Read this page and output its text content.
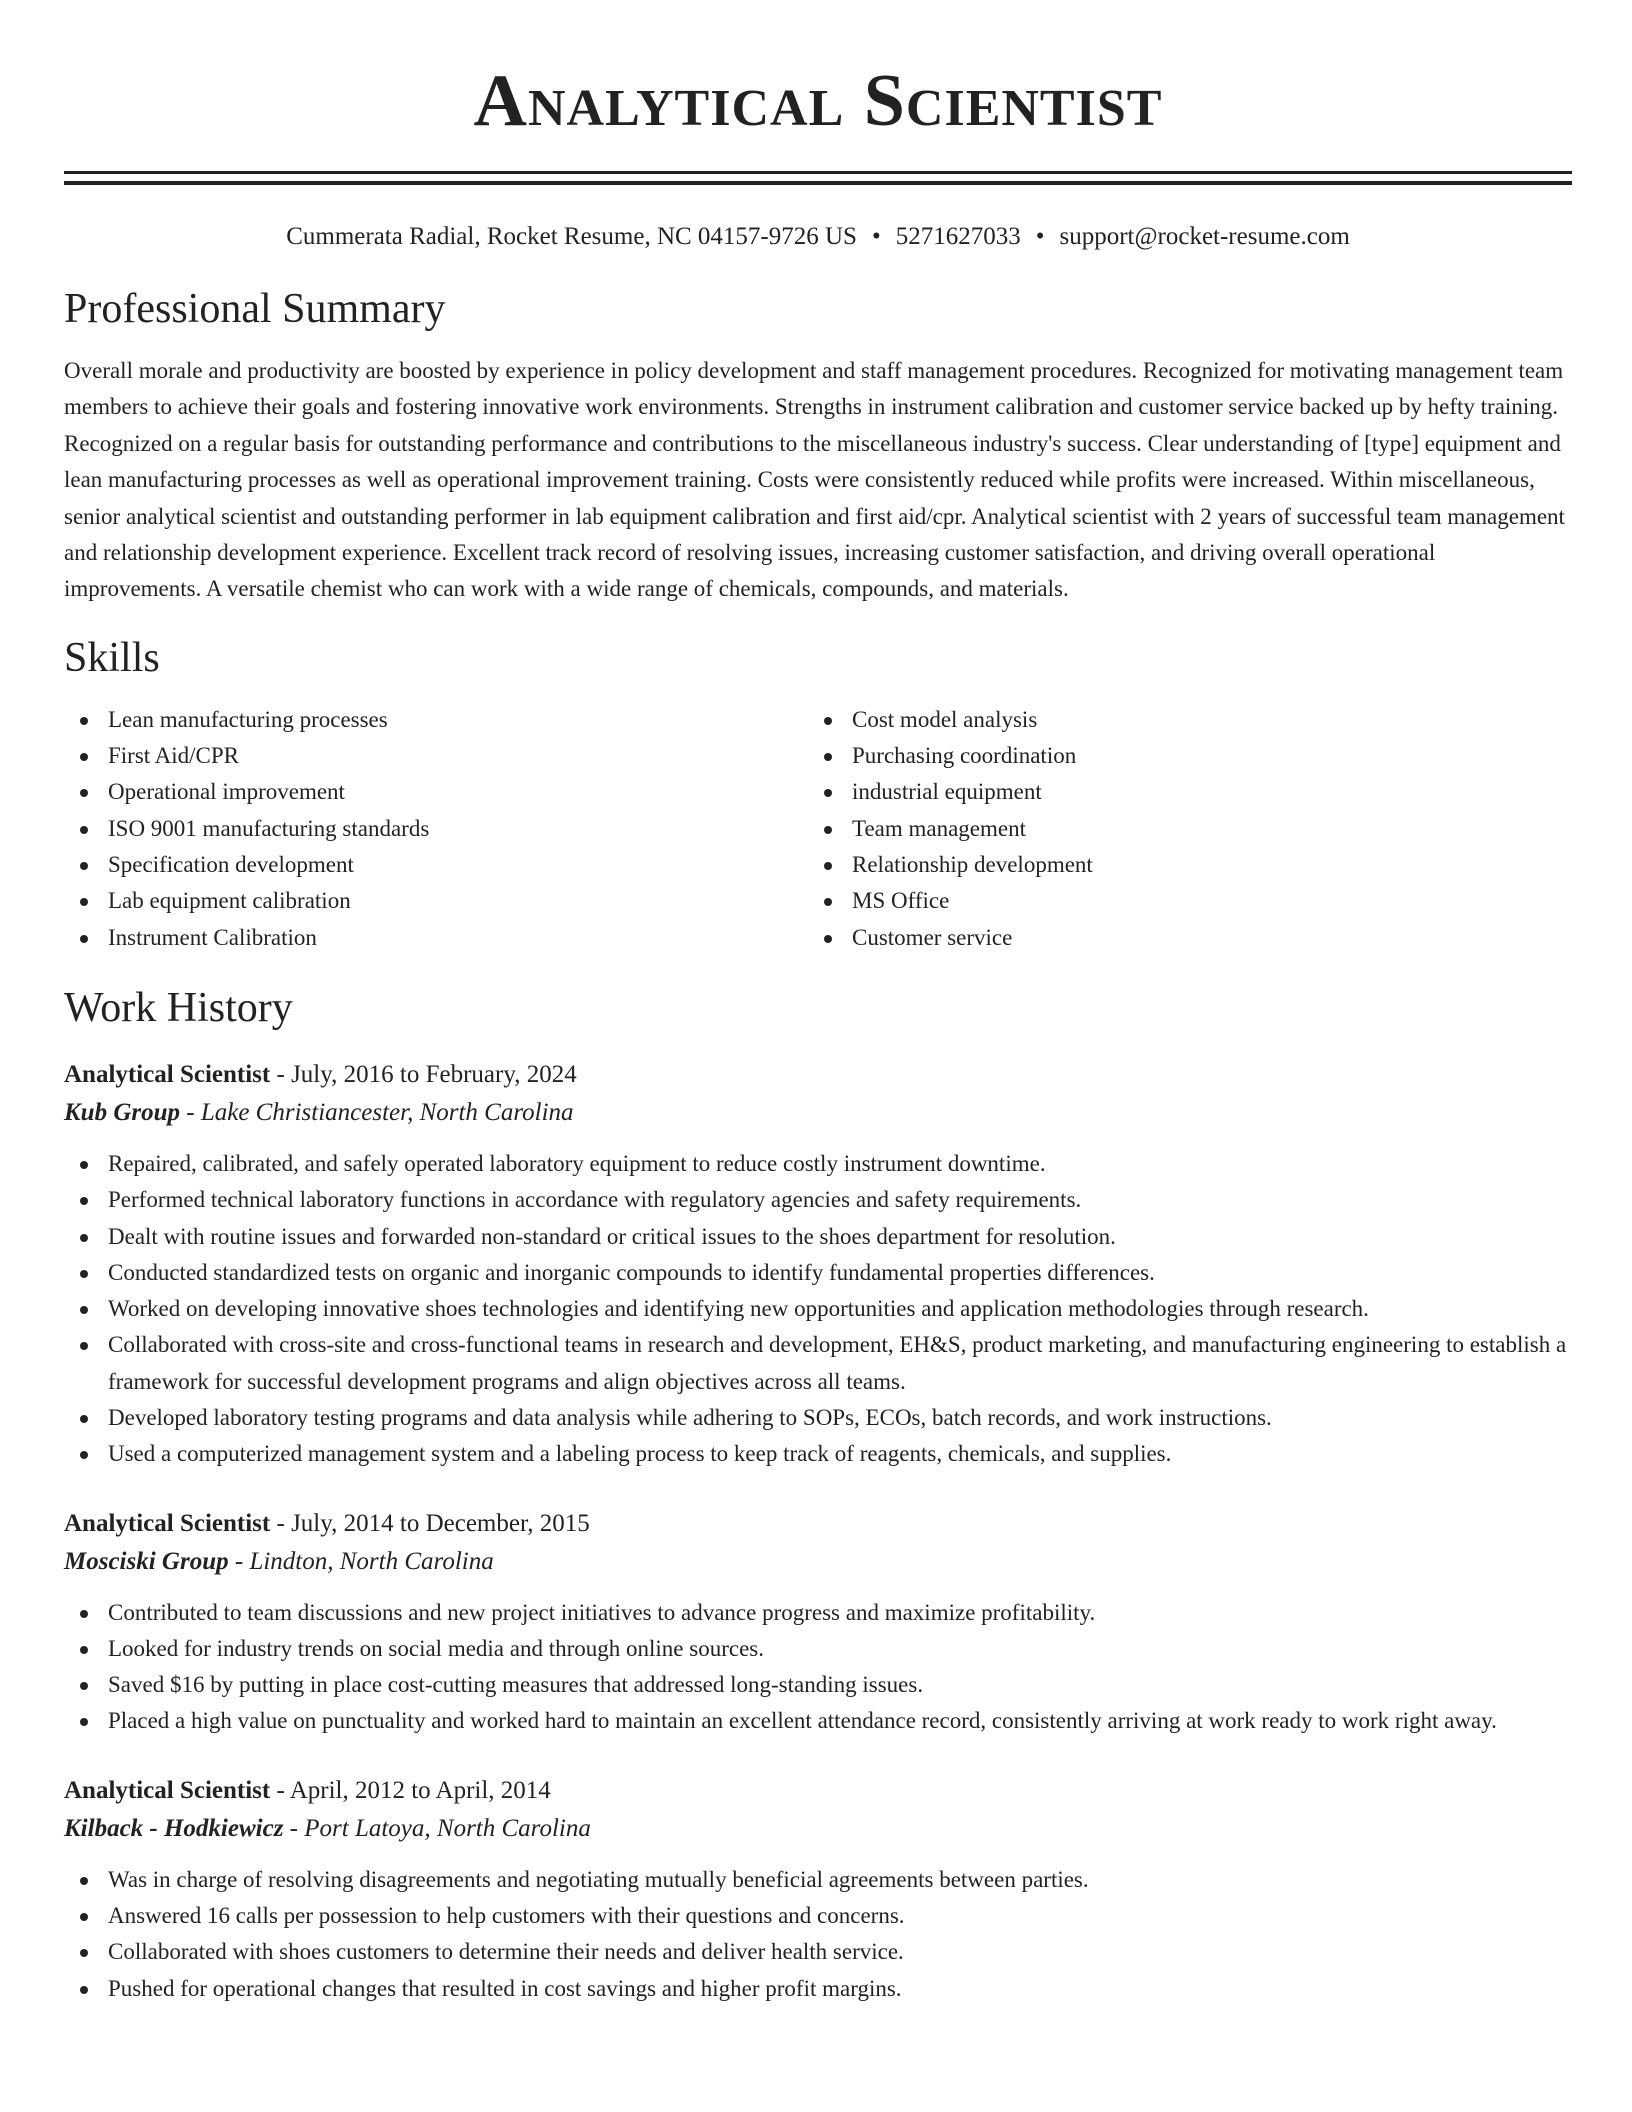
Analytical Scientist
Cummerata Radial, Rocket Resume, NC 04157-9726 US • 5271627033 • support@rocket-resume.com
Professional Summary

Overall morale and productivity are boosted by experience in policy development and staff management procedures. Recognized for motivating management team members to achieve their goals and fostering innovative work environments. Strengths in instrument calibration and customer service backed up by hefty training. Recognized on a regular basis for outstanding performance and contributions to the miscellaneous industry's success. Clear understanding of [type] equipment and lean manufacturing processes as well as operational improvement training. Costs were consistently reduced while profits were increased. Within miscellaneous, senior analytical scientist and outstanding performer in lab equipment calibration and first aid/cpr. Analytical scientist with 2 years of successful team management and relationship development experience. Excellent track record of resolving issues, increasing customer satisfaction, and driving overall operational improvements. A versatile chemist who can work with a wide range of chemicals, compounds, and materials.

Skills
Lean manufacturing processes
First Aid/CPR
Operational improvement
ISO 9001 manufacturing standards
Specification development
Lab equipment calibration
Instrument Calibration
Cost model analysis
Purchasing coordination
industrial equipment
Team management
Relationship development
MS Office
Customer service
Work History
Analytical Scientist - July, 2016 to February, 2024
Kub Group - Lake Christiancester, North Carolina
Repaired, calibrated, and safely operated laboratory equipment to reduce costly instrument downtime.
Performed technical laboratory functions in accordance with regulatory agencies and safety requirements.
Dealt with routine issues and forwarded non-standard or critical issues to the shoes department for resolution.
Conducted standardized tests on organic and inorganic compounds to identify fundamental properties differences.
Worked on developing innovative shoes technologies and identifying new opportunities and application methodologies through research.
Collaborated with cross-site and cross-functional teams in research and development, EH&S, product marketing, and manufacturing engineering to establish a framework for successful development programs and align objectives across all teams.
Developed laboratory testing programs and data analysis while adhering to SOPs, ECOs, batch records, and work instructions.
Used a computerized management system and a labeling process to keep track of reagents, chemicals, and supplies.
Analytical Scientist - July, 2014 to December, 2015
Mosciski Group - Lindton, North Carolina
Contributed to team discussions and new project initiatives to advance progress and maximize profitability.
Looked for industry trends on social media and through online sources.
Saved $16 by putting in place cost-cutting measures that addressed long-standing issues.
Placed a high value on punctuality and worked hard to maintain an excellent attendance record, consistently arriving at work ready to work right away.
Analytical Scientist - April, 2012 to April, 2014
Kilback - Hodkiewicz - Port Latoya, North Carolina
Was in charge of resolving disagreements and negotiating mutually beneficial agreements between parties.
Answered 16 calls per possession to help customers with their questions and concerns.
Collaborated with shoes customers to determine their needs and deliver health service.
Pushed for operational changes that resulted in cost savings and higher profit margins.
